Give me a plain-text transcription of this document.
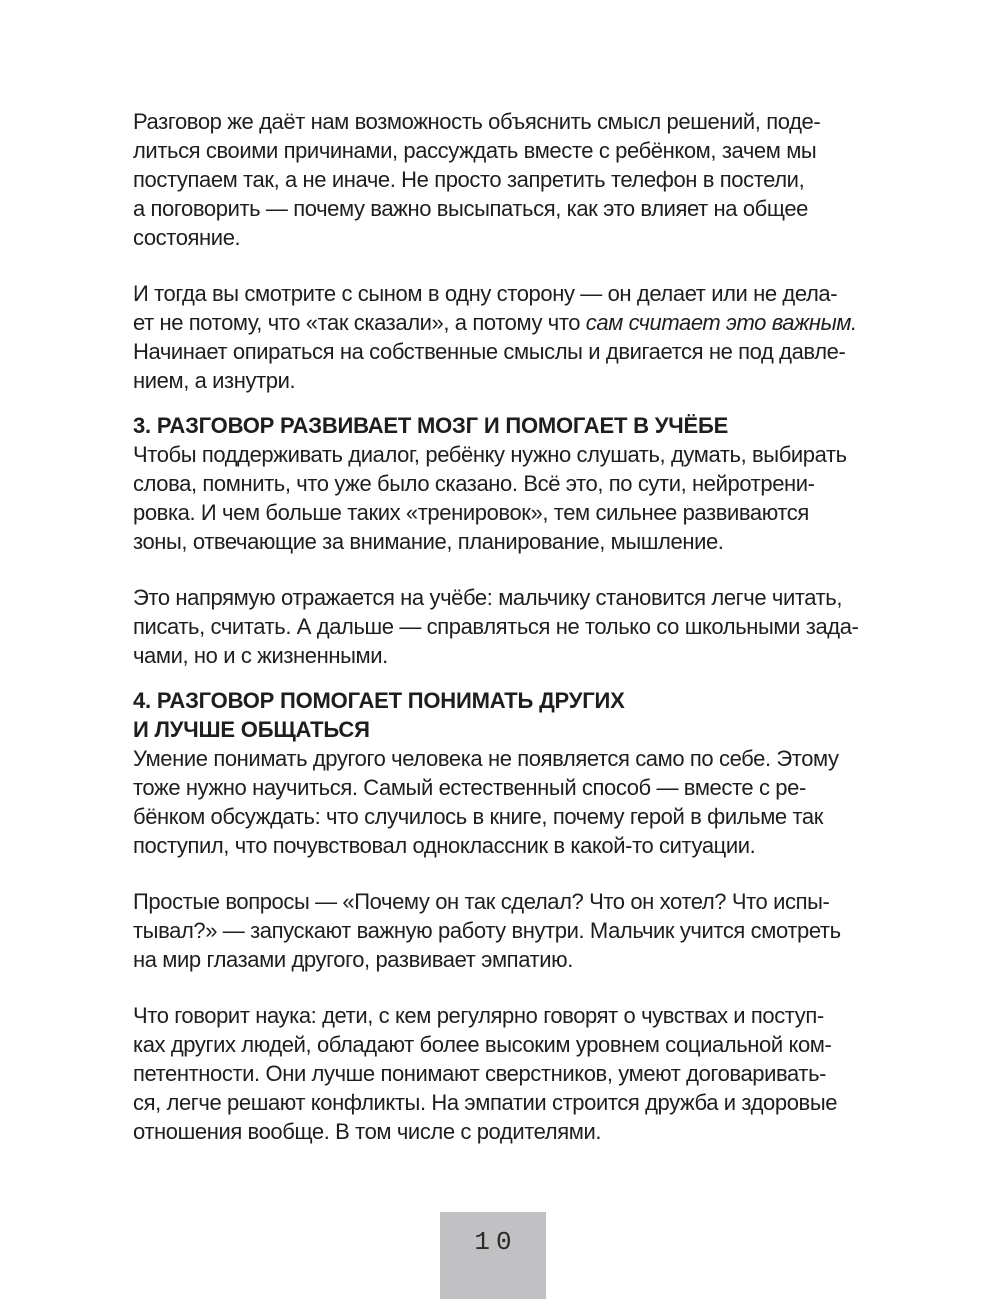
Разговор же даёт нам возможность объяснить смысл решений, поде-
литься своими причинами, рассуждать вместе с ребёнком, зачем мы
поступаем так, а не иначе. Не просто запретить телефон в постели,
а поговорить — почему важно высыпаться, как это влияет на общее
состояние.
И тогда вы смотрите с сыном в одну сторону — он делает или не дела-
ет не потому, что «так сказали», а потому что сам считает это важным.
Начинает опираться на собственные смыслы и двигается не под давле-
нием, а изнутри.
3. РАЗГОВОР РАЗВИВАЕТ МОЗГ И ПОМОГАЕТ В УЧЁБЕ
Чтобы поддерживать диалог, ребёнку нужно слушать, думать, выбирать
слова, помнить, что уже было сказано. Всё это, по сути, нейротрени-
ровка. И чем больше таких «тренировок», тем сильнее развиваются
зоны, отвечающие за внимание, планирование, мышление.
Это напрямую отражается на учёбе: мальчику становится легче читать,
писать, считать. А дальше — справляться не только со школьными зада-
чами, но и с жизненными.
4. РАЗГОВОР ПОМОГАЕТ ПОНИМАТЬ ДРУГИХ
И ЛУЧШЕ ОБЩАТЬСЯ
Умение понимать другого человека не появляется само по себе. Этому
тоже нужно научиться. Самый естественный способ — вместе с ре-
бёнком обсуждать: что случилось в книге, почему герой в фильме так
поступил, что почувствовал одноклассник в какой-то ситуации.
Простые вопросы — «Почему он так сделал? Что он хотел? Что испы-
тывал?» — запускают важную работу внутри. Мальчик учится смотреть
на мир глазами другого, развивает эмпатию.
Что говорит наука: дети, с кем регулярно говорят о чувствах и поступ-
ках других людей, обладают более высоким уровнем социальной ком-
петентности. Они лучше понимают сверстников, умеют договаривать-
ся, легче решают конфликты. На эмпатии строится дружба и здоровые
отношения вообще. В том числе с родителями.
10
